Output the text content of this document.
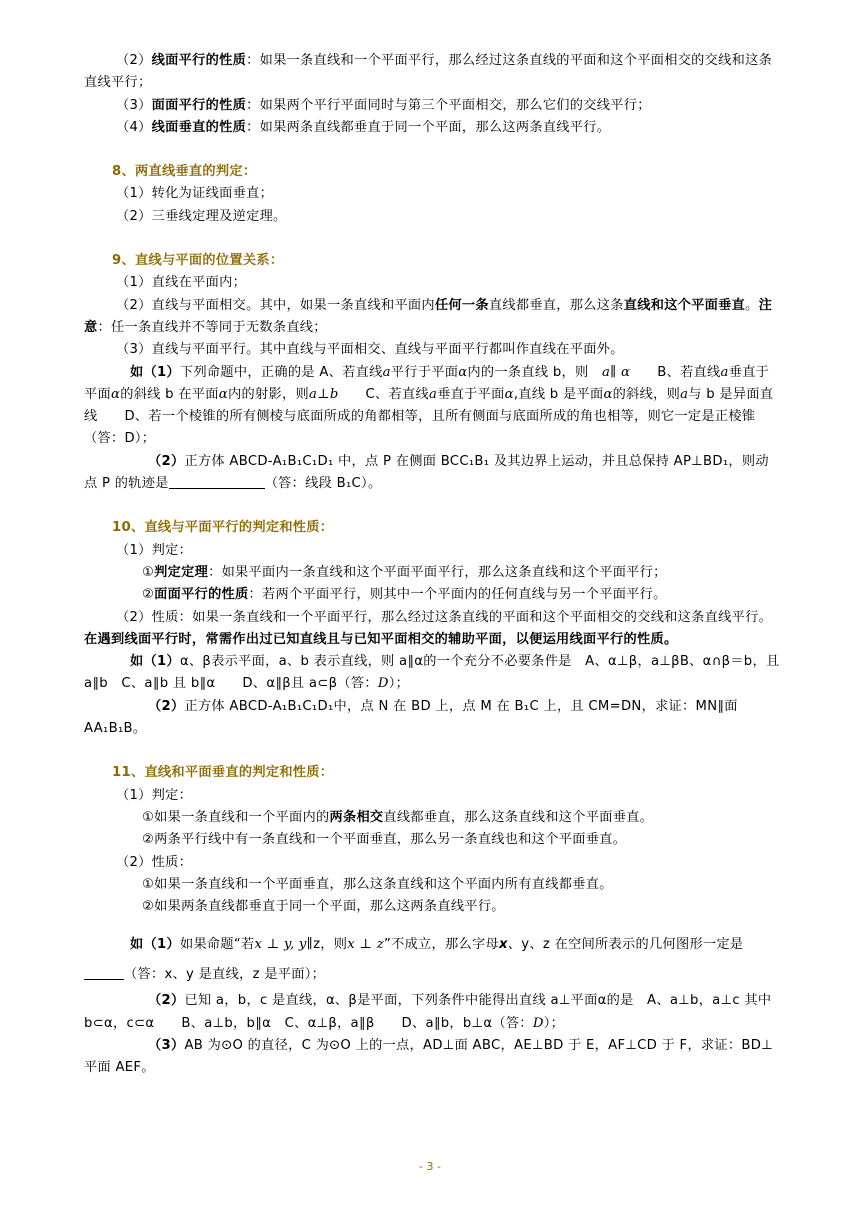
（2）线面平行的性质：如果一条直线和一个平面平行，那么经过这条直线的平面和这个平面相交的交线和这条直线平行；

（3）面面平行的性质：如果两个平行平面同时与第三个平面相交，那么它们的交线平行；

（4）线面垂直的性质：如果两条直线都垂直于同一个平面，那么这两条直线平行。

8、两直线垂直的判定：

（1）转化为证线面垂直；

（2）三垂线定理及逆定理。

9、直线与平面的位置关系：

（1）直线在平面内；

（2）直线与平面相交。其中，如果一条直线和平面内任何一条直线都垂直，那么这条直线和这个平面垂直。注意：任一条直线并不等同于无数条直线；

（3）直线与平面平行。其中直线与平面相交、直线与平面平行都叫作直线在平面外。

如（1）下列命题中，正确的是 A、若直线a平行于平面α内的一条直线 b，则　 a∥ α　　 B、若直线a垂直于平面α的斜线 b 在平面α内的射影，则a⊥b　　 C、若直线a垂直于平面α,直线 b 是平面α的斜线，则a与 b 是异面直线　　D、若一个棱锥的所有侧棱与底面所成的角都相等，且所有侧面与底面所成的角也相等，则它一定是正棱锥（答：D）；

（2）正方体 ABCD-A₁B₁C₁D₁ 中，点 P 在侧面 BCC₁B₁ 及其边界上运动，并且总保持 AP⊥BD₁，则动点 P 的轨迹是	（答：线段 B₁C）。

10、直线与平面平行的判定和性质：

（1）判定：

①判定定理：如果平面内一条直线和这个平面平面平行，那么这条直线和这个平面平行；

②面面平行的性质：若两个平面平行，则其中一个平面内的任何直线与另一个平面平行。

（2）性质：如果一条直线和一个平面平行，那么经过这条直线的平面和这个平面相交的交线和这条直线平行。在遇到线面平行时，常需作出过已知直线且与已知平面相交的辅助平面，以便运用线面平行的性质。

如（1）α、β表示平面，a、b 表示直线，则 a∥α的一个充分不必要条件是　A、α⊥β，a⊥βB、α∩β＝b，且 a∥b　C、a∥b 且 b∥α　　D、α∥β且 a⊂β（答：D）；

（2）正方体 ABCD-A₁B₁C₁D₁中，点 N 在 BD 上，点 M 在 B₁C 上，且 CM=DN，求证：MN∥面 AA₁B₁B。

11、直线和平面垂直的判定和性质：

（1）判定：

①如果一条直线和一个平面内的两条相交直线都垂直，那么这条直线和这个平面垂直。

②两条平行线中有一条直线和一个平面垂直，那么另一条直线也和这个平面垂直。

（2）性质：

①如果一条直线和一个平面垂直，那么这条直线和这个平面内所有直线都垂直。

②如果两条直线都垂直于同一个平面，那么这两条直线平行。

如（1）如果命题“若x ⊥ y, y∥z，则x ⊥ z”不成立，那么字母x、y、z 在空间所表示的几何图形一定是（答：x、y 是直线，z 是平面）；

（2）已知 a，b，c 是直线，α、β是平面，下列条件中能得出直线 a⊥平面α的是　A、a⊥b，a⊥c 其中 b⊂α，c⊂α　　B、a⊥b，b∥α　C、α⊥β，a∥β　　D、a∥b，b⊥α（答：D）；

（3）AB 为⊙O 的直径，C 为⊙O 上的一点，AD⊥面 ABC，AE⊥BD 于 E，AF⊥CD 于 F，求证：BD⊥平面 AEF。

- 3 -
